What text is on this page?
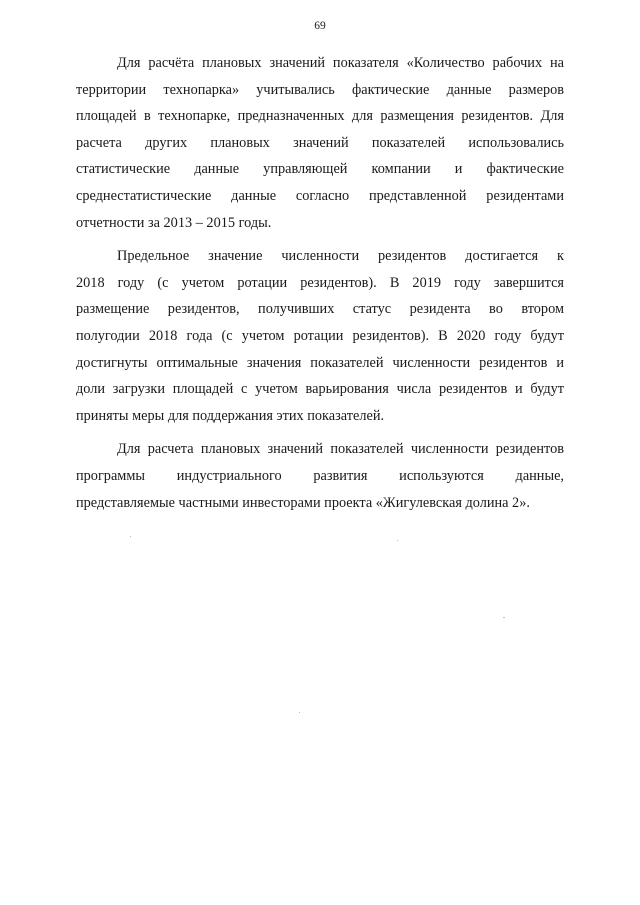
69

Для расчёта плановых значений показателя «Количество рабочих на
территории технопарка» учитывались фактические данные размеров
площадей в технопарке, предназначенных для размещения резидентов. Для
расчета других плановых значений показателей использовались
статистические данные управляющей компании и фактические
среднестатистические данные согласно представленной резидентами
отчетности за 2013 – 2015 годы.

Предельное значение численности резидентов достигается к
2018 году (с учетом ротации резидентов). В 2019 году завершится
размещение резидентов, получивших статус резидента во втором
полугодии 2018 года (с учетом ротации резидентов). В 2020 году будут
достигнуты оптимальные значения показателей численности резидентов и
доли загрузки площадей с учетом варьирования числа резидентов и будут
приняты меры для поддержания этих показателей.

Для расчета плановых значений показателей численности резидентов
программы индустриального развития используются данные,
представляемые частными инвесторами проекта «Жигулевская долина 2».
